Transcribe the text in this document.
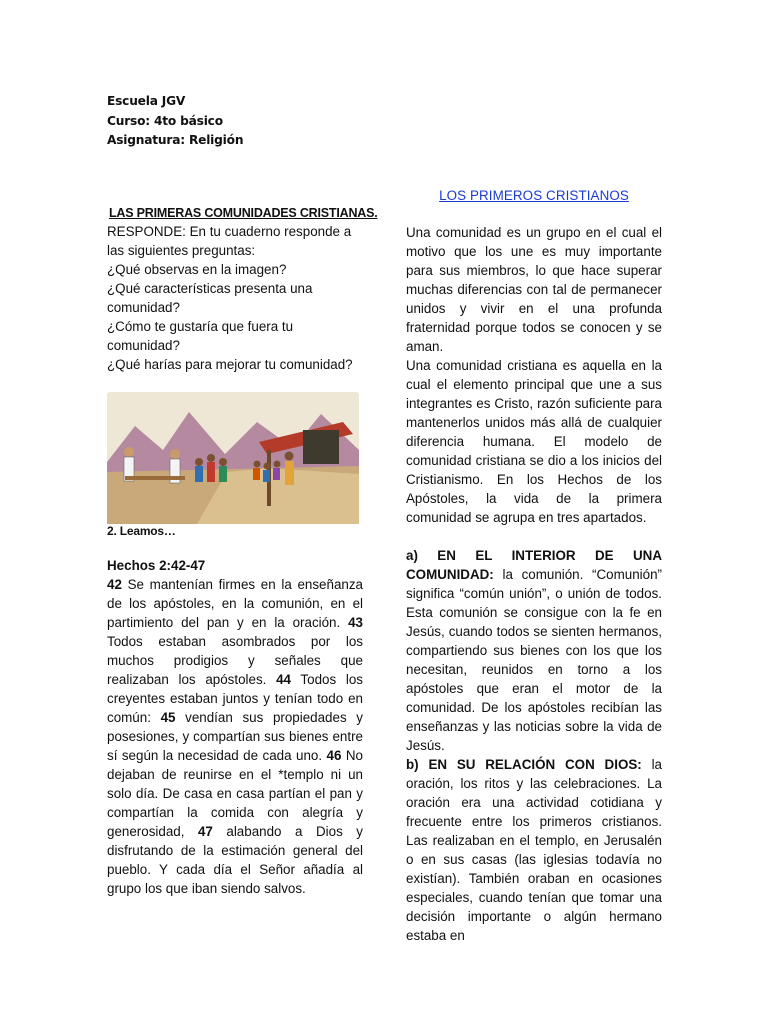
Escuela JGV
Curso: 4to básico
Asignatura: Religión
LAS PRIMERAS COMUNIDADES CRISTIANAS.

RESPONDE: En tu cuaderno responde a las siguientes preguntas:

¿Qué observas en la imagen?

¿Qué características presenta una comunidad?

¿Cómo te gustaría que fuera tu comunidad?

¿Qué harías para mejorar tu comunidad?

2. Leamos…
Hechos 2:42-47
42 Se mantenían firmes en la enseñanza de los apóstoles, en la comunión, en el partimiento del pan y en la oración. 43 Todos estaban asombrados por los muchos prodigios y señales que realizaban los apóstoles. 44 Todos los creyentes estaban juntos y tenían todo en común: 45 vendían sus propiedades y posesiones, y compartían sus bienes entre sí según la necesidad de cada uno. 46 No dejaban de reunirse en el *templo ni un solo día. De casa en casa partían el pan y compartían la comida con alegría y generosidad, 47 alabando a Dios y disfrutando de la estimación general del pueblo. Y cada día el Señor añadía al grupo los que iban siendo salvos.
LOS PRIMEROS CRISTIANOS
Una comunidad es un grupo en el cual el motivo que los une es muy importante para sus miembros, lo que hace superar muchas diferencias con tal de permanecer unidos y vivir en el una profunda fraternidad porque todos se conocen y se aman.
Una comunidad cristiana es aquella en la cual el elemento principal que une a sus integrantes es Cristo, razón suficiente para mantenerlos unidos más allá de cualquier diferencia humana. El modelo de comunidad cristiana se dio a los inicios del Cristianismo. En los Hechos de los Apóstoles, la vida de la primera comunidad se agrupa en tres apartados.
a) EN EL INTERIOR DE UNA COMUNIDAD: la comunión. “Comunión” significa “común unión”, o unión de todos. Esta comunión se consigue con la fe en Jesús, cuando todos se sienten hermanos, compartiendo sus bienes con los que los necesitan, reunidos en torno a los apóstoles que eran el motor de la comunidad. De los apóstoles recibían las enseñanzas y las noticias sobre la vida de Jesús.
b) EN SU RELACIÓN CON DIOS: la oración, los ritos y las celebraciones. La oración era una actividad cotidiana y frecuente entre los primeros cristianos. Las realizaban en el templo, en Jerusalén o en sus casas (las iglesias todavía no existían). También oraban en ocasiones especiales, cuando tenían que tomar una decisión importante o algún hermano estaba en
